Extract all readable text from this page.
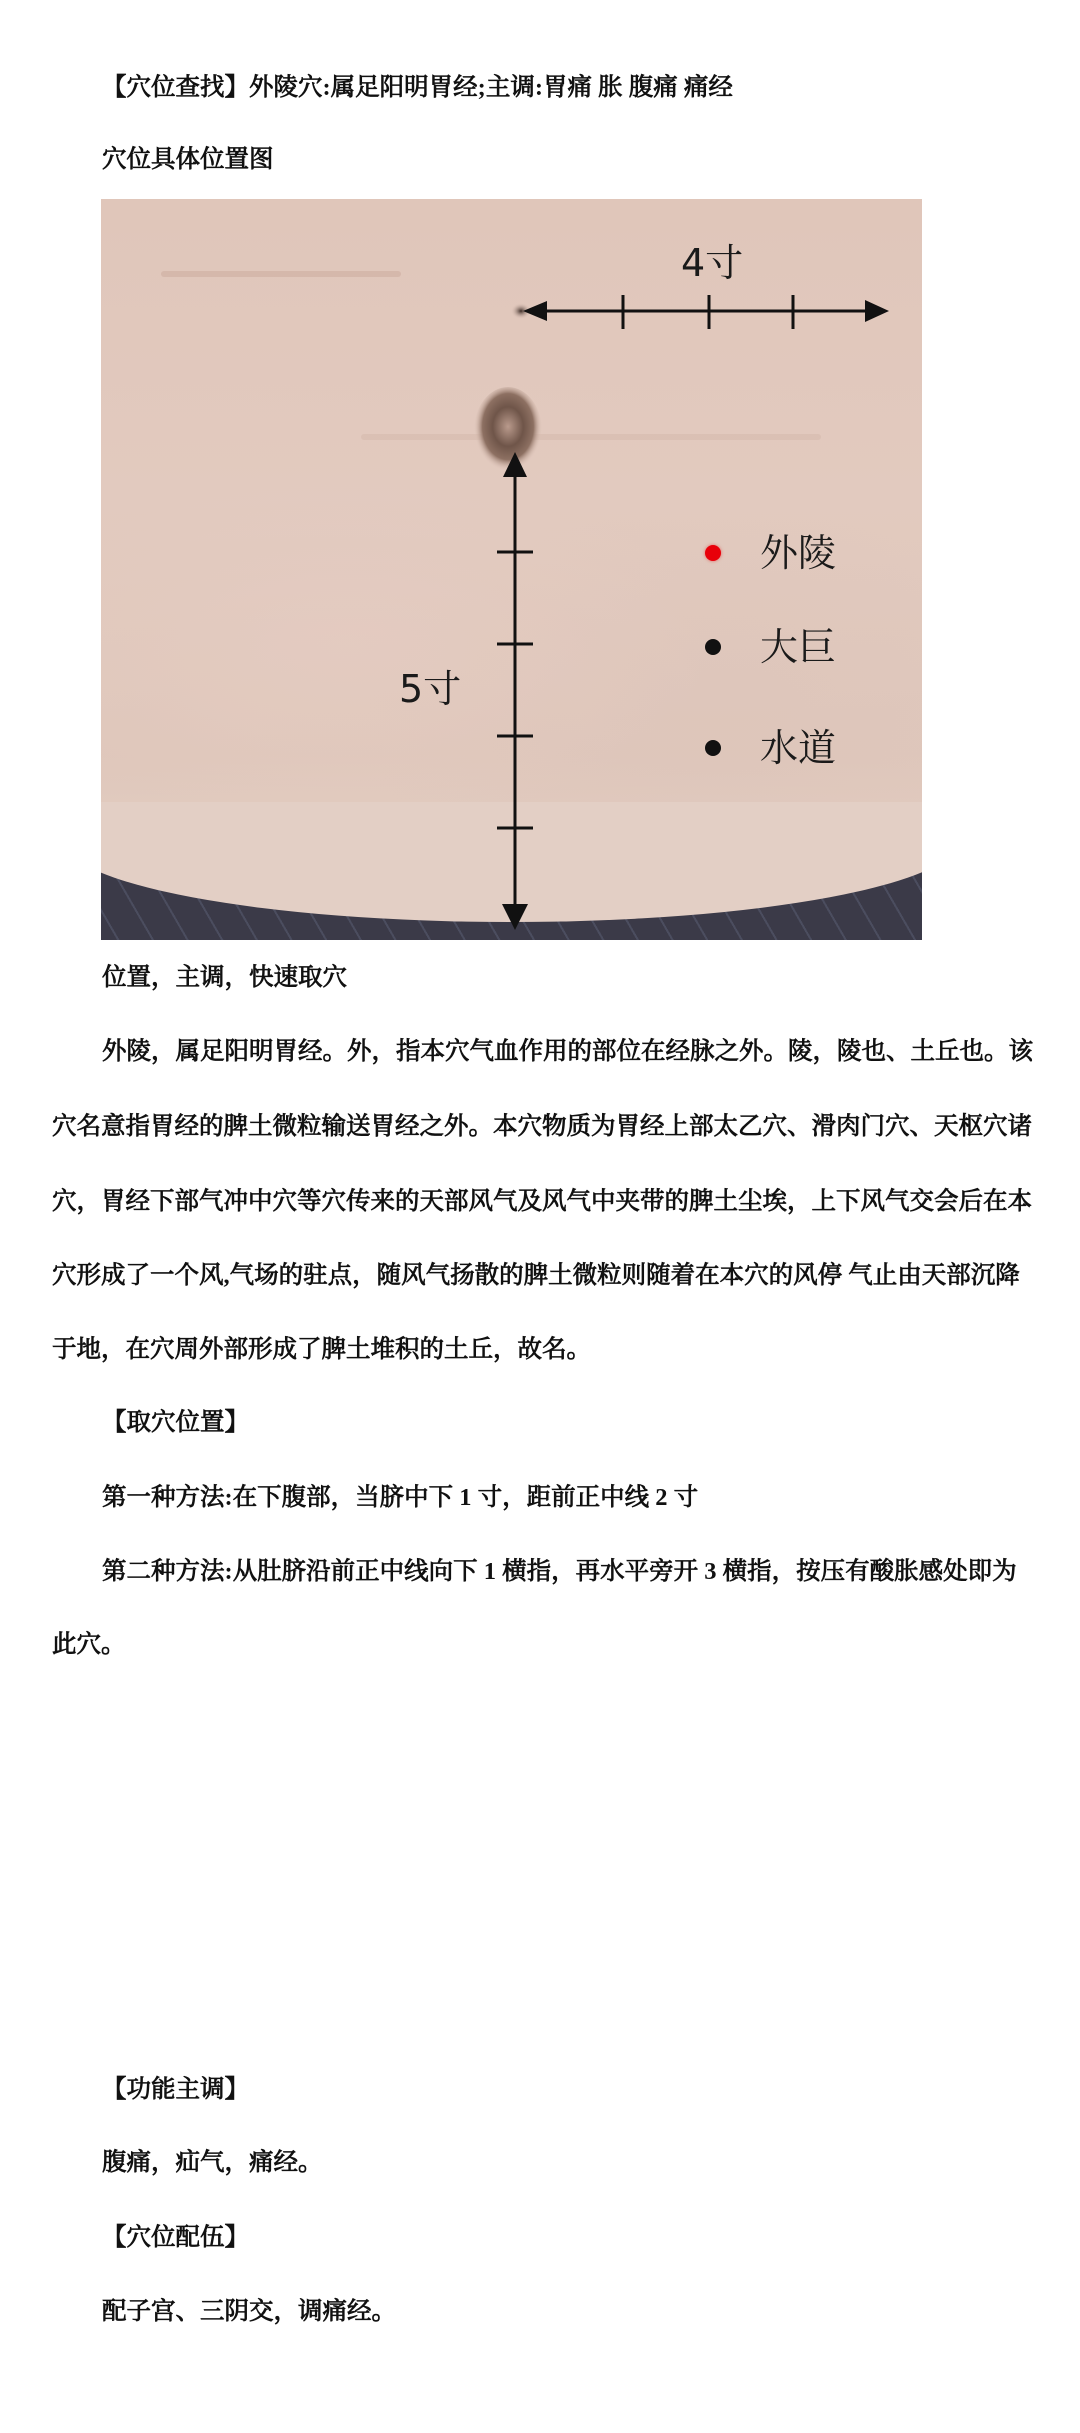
【穴位查找】外陵穴:属足阳明胃经;主调:胃痛 胀 腹痛 痛经
穴位具体位置图
4寸
5寸
外陵
大巨
水道
位置，主调，快速取穴
外陵，属足阳明胃经。外，指本穴气血作用的部位在经脉之外。陵，陵也、土丘也。该
穴名意指胃经的脾土微粒输送胃经之外。本穴物质为胃经上部太乙穴、滑肉门穴、天枢穴诸
穴，胃经下部气冲中穴等穴传来的天部风气及风气中夹带的脾土尘埃，上下风气交会后在本
穴形成了一个风,气场的驻点，随风气扬散的脾土微粒则随着在本穴的风停 气止由天部沉降
于地，在穴周外部形成了脾土堆积的土丘，故名。
【取穴位置】
第一种方法:在下腹部，当脐中下 1 寸，距前正中线 2 寸
第二种方法:从肚脐沿前正中线向下 1 横指，再水平旁开 3 横指，按压有酸胀感处即为
此穴。
【功能主调】
腹痛，疝气，痛经。
【穴位配伍】
配子宫、三阴交，调痛经。
